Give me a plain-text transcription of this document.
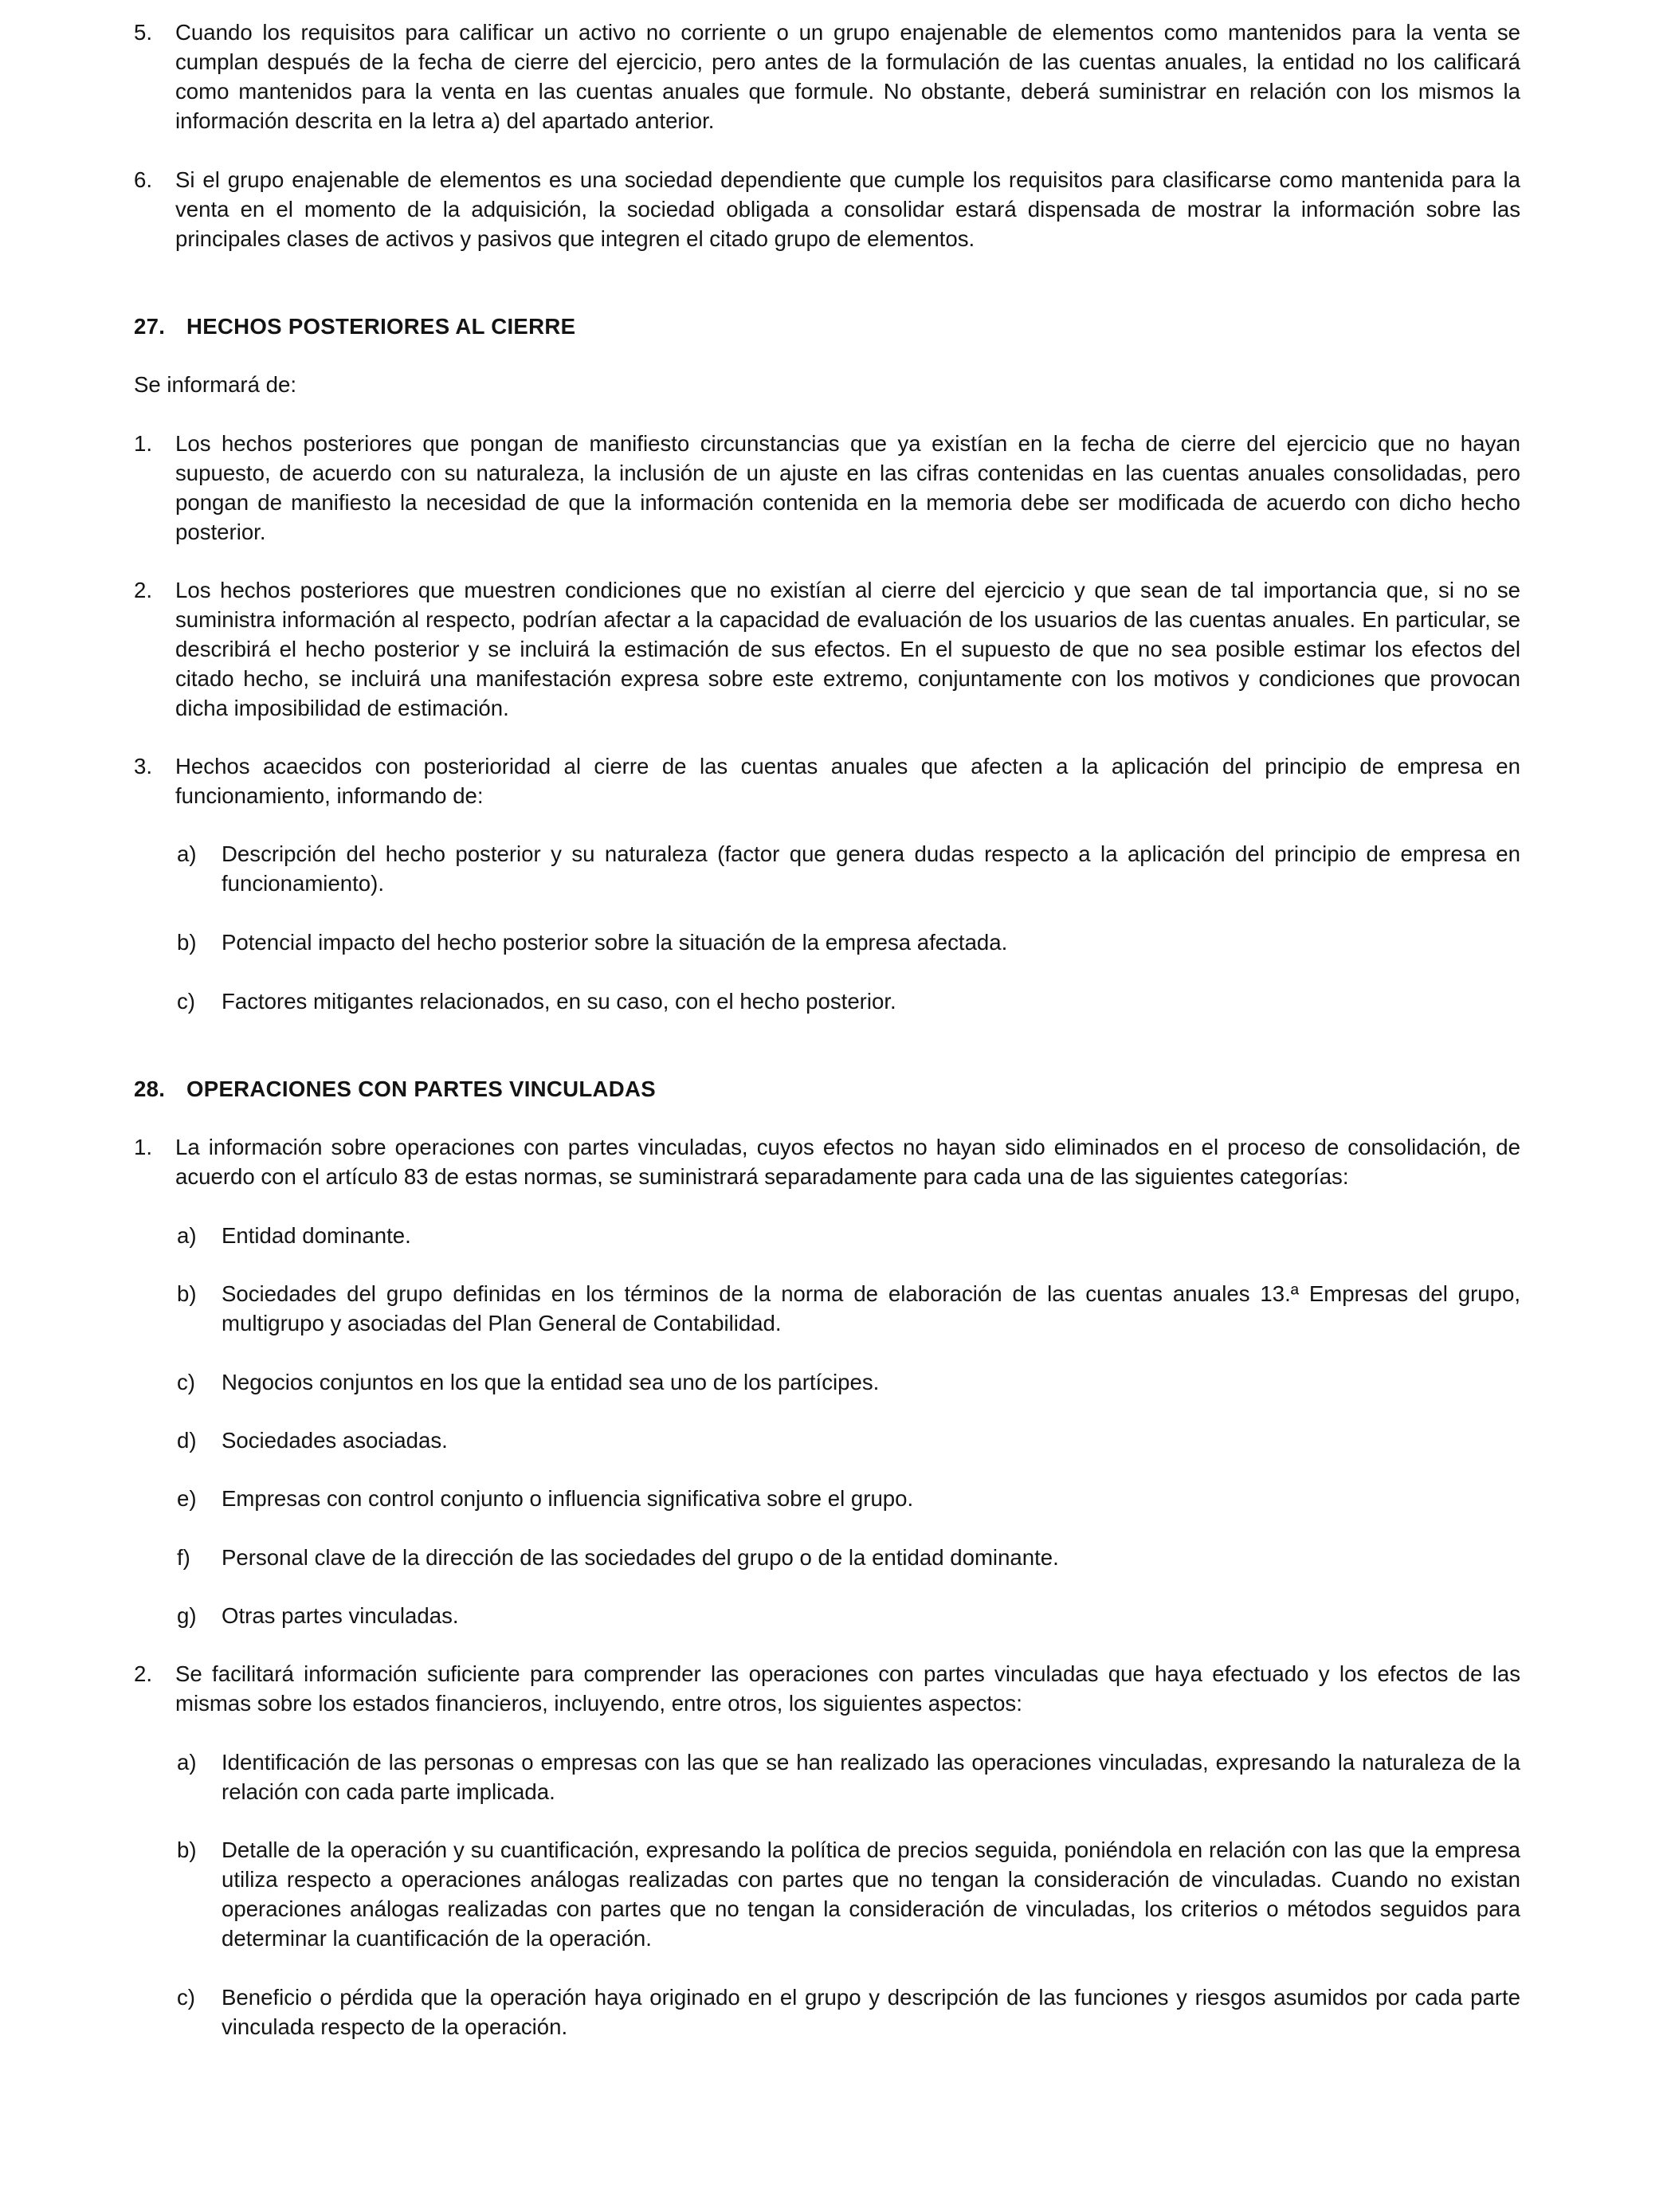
5. Cuando los requisitos para calificar un activo no corriente o un grupo enajenable de elementos como mantenidos para la venta se cumplan después de la fecha de cierre del ejercicio, pero antes de la formulación de las cuentas anuales, la entidad no los calificará como mantenidos para la venta en las cuentas anuales que formule. No obstante, deberá suministrar en relación con los mismos la información descrita en la letra a) del apartado anterior.
6. Si el grupo enajenable de elementos es una sociedad dependiente que cumple los requisitos para clasificarse como mantenida para la venta en el momento de la adquisición, la sociedad obligada a consolidar estará dispensada de mostrar la información sobre las principales clases de activos y pasivos que integren el citado grupo de elementos.
27. HECHOS POSTERIORES AL CIERRE
Se informará de:
1. Los hechos posteriores que pongan de manifiesto circunstancias que ya existían en la fecha de cierre del ejercicio que no hayan supuesto, de acuerdo con su naturaleza, la inclusión de un ajuste en las cifras contenidas en las cuentas anuales consolidadas, pero pongan de manifiesto la necesidad de que la información contenida en la memoria debe ser modificada de acuerdo con dicho hecho posterior.
2. Los hechos posteriores que muestren condiciones que no existían al cierre del ejercicio y que sean de tal importancia que, si no se suministra información al respecto, podrían afectar a la capacidad de evaluación de los usuarios de las cuentas anuales. En particular, se describirá el hecho posterior y se incluirá la estimación de sus efectos. En el supuesto de que no sea posible estimar los efectos del citado hecho, se incluirá una manifestación expresa sobre este extremo, conjuntamente con los motivos y condiciones que provocan dicha imposibilidad de estimación.
3. Hechos acaecidos con posterioridad al cierre de las cuentas anuales que afecten a la aplicación del principio de empresa en funcionamiento, informando de:
a) Descripción del hecho posterior y su naturaleza (factor que genera dudas respecto a la aplicación del principio de empresa en funcionamiento).
b) Potencial impacto del hecho posterior sobre la situación de la empresa afectada.
c) Factores mitigantes relacionados, en su caso, con el hecho posterior.
28. OPERACIONES CON PARTES VINCULADAS
1. La información sobre operaciones con partes vinculadas, cuyos efectos no hayan sido eliminados en el proceso de consolidación, de acuerdo con el artículo 83 de estas normas, se suministrará separadamente para cada una de las siguientes categorías:
a) Entidad dominante.
b) Sociedades del grupo definidas en los términos de la norma de elaboración de las cuentas anuales 13.ª Empresas del grupo, multigrupo y asociadas del Plan General de Contabilidad.
c) Negocios conjuntos en los que la entidad sea uno de los partícipes.
d) Sociedades asociadas.
e) Empresas con control conjunto o influencia significativa sobre el grupo.
f) Personal clave de la dirección de las sociedades del grupo o de la entidad dominante.
g) Otras partes vinculadas.
2. Se facilitará información suficiente para comprender las operaciones con partes vinculadas que haya efectuado y los efectos de las mismas sobre los estados financieros, incluyendo, entre otros, los siguientes aspectos:
a) Identificación de las personas o empresas con las que se han realizado las operaciones vinculadas, expresando la naturaleza de la relación con cada parte implicada.
b) Detalle de la operación y su cuantificación, expresando la política de precios seguida, poniéndola en relación con las que la empresa utiliza respecto a operaciones análogas realizadas con partes que no tengan la consideración de vinculadas. Cuando no existan operaciones análogas realizadas con partes que no tengan la consideración de vinculadas, los criterios o métodos seguidos para determinar la cuantificación de la operación.
c) Beneficio o pérdida que la operación haya originado en el grupo y descripción de las funciones y riesgos asumidos por cada parte vinculada respecto de la operación.
